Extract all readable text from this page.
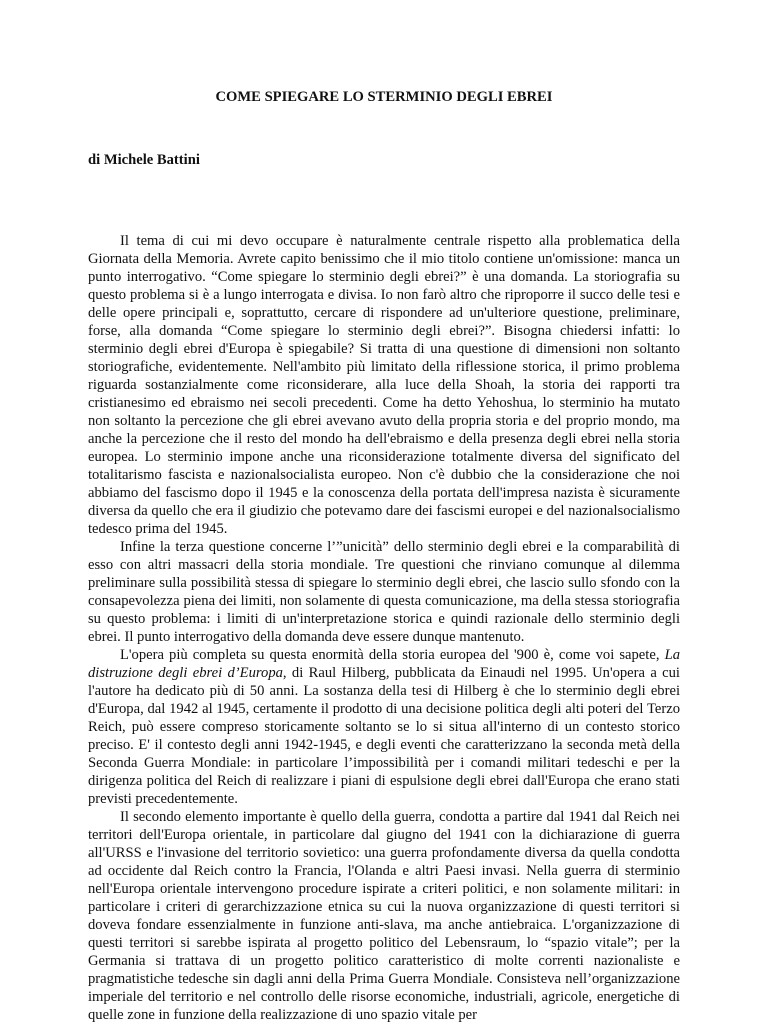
COME SPIEGARE LO STERMINIO DEGLI EBREI
di Michele Battini

Il tema di cui mi devo occupare è naturalmente centrale rispetto alla problematica della Giornata della Memoria. Avrete capito benissimo che il mio titolo contiene un'omissione: manca un punto interrogativo. “Come spiegare lo sterminio degli ebrei?” è una domanda. La storiografia su questo problema si è a lungo interrogata e divisa. Io non farò altro che riproporre il succo delle tesi e delle opere principali e, soprattutto, cercare di rispondere ad un'ulteriore questione, preliminare, forse, alla domanda “Come spiegare lo sterminio degli ebrei?”. Bisogna chiedersi infatti: lo sterminio degli ebrei d'Europa è spiegabile? Si tratta di una questione di dimensioni non soltanto storiografiche, evidentemente. Nell'ambito più limitato della riflessione storica, il primo problema riguarda sostanzialmente come riconsiderare, alla luce della Shoah, la storia dei rapporti tra cristianesimo ed ebraismo nei secoli precedenti. Come ha detto Yehoshua, lo sterminio ha mutato non soltanto la percezione che gli ebrei avevano avuto della propria storia e del proprio mondo, ma anche la percezione che il resto del mondo ha dell'ebraismo e della presenza degli ebrei nella storia europea. Lo sterminio impone anche una riconsiderazione totalmente diversa del significato del totalitarismo fascista e nazionalsocialista europeo. Non c'è dubbio che la considerazione che noi abbiamo del fascismo dopo il 1945 e la conoscenza della portata dell'impresa nazista è sicuramente diversa da quello che era il giudizio che potevamo dare dei fascismi europei e del nazionalsocialismo tedesco prima del 1945.

Infine la terza questione concerne l’”unicità” dello sterminio degli ebrei e la comparabilità di esso con altri massacri della storia mondiale. Tre questioni che rinviano comunque al dilemma preliminare sulla possibilità stessa di spiegare lo sterminio degli ebrei, che lascio sullo sfondo con la consapevolezza piena dei limiti, non solamente di questa comunicazione, ma della stessa storiografia su questo problema: i limiti di un'interpretazione storica e quindi razionale dello sterminio degli ebrei. Il punto interrogativo della domanda deve essere dunque mantenuto.

L'opera più completa su questa enormità della storia europea del '900 è, come voi sapete, La distruzione degli ebrei d’Europa, di Raul Hilberg, pubblicata da Einaudi nel 1995. Un'opera a cui l'autore ha dedicato più di 50 anni. La sostanza della tesi di Hilberg è che lo sterminio degli ebrei d'Europa, dal 1942 al 1945, certamente il prodotto di una decisione politica degli alti poteri del Terzo Reich, può essere compreso storicamente soltanto se lo si situa all'interno di un contesto storico preciso. E' il contesto degli anni 1942-1945, e degli eventi che caratterizzano la seconda metà della Seconda Guerra Mondiale: in particolare l’impossibilità per i comandi militari tedeschi e per la dirigenza politica del Reich di realizzare i piani di espulsione degli ebrei dall'Europa che erano stati previsti precedentemente.

Il secondo elemento importante è quello della guerra, condotta a partire dal 1941 dal Reich nei territori dell'Europa orientale, in particolare dal giugno del 1941 con la dichiarazione di guerra all'URSS e l'invasione del territorio sovietico: una guerra profondamente diversa da quella condotta ad occidente dal Reich contro la Francia, l'Olanda e altri Paesi invasi. Nella guerra di sterminio nell'Europa orientale intervengono procedure ispirate a criteri politici, e non solamente militari: in particolare i criteri di gerarchizzazione etnica su cui la nuova organizzazione di questi territori si doveva fondare essenzialmente in funzione anti-slava, ma anche antiebraica. L'organizzazione di questi territori si sarebbe ispirata al progetto politico del Lebensraum, lo “spazio vitale”; per la Germania si trattava di un progetto politico caratteristico di molte correnti nazionaliste e pragmatistiche tedesche sin dagli anni della Prima Guerra Mondiale. Consisteva nell’organizzazione imperiale del territorio e nel controllo delle risorse economiche, industriali, agricole, energetiche di quelle zone in funzione della realizzazione di uno spazio vitale per
